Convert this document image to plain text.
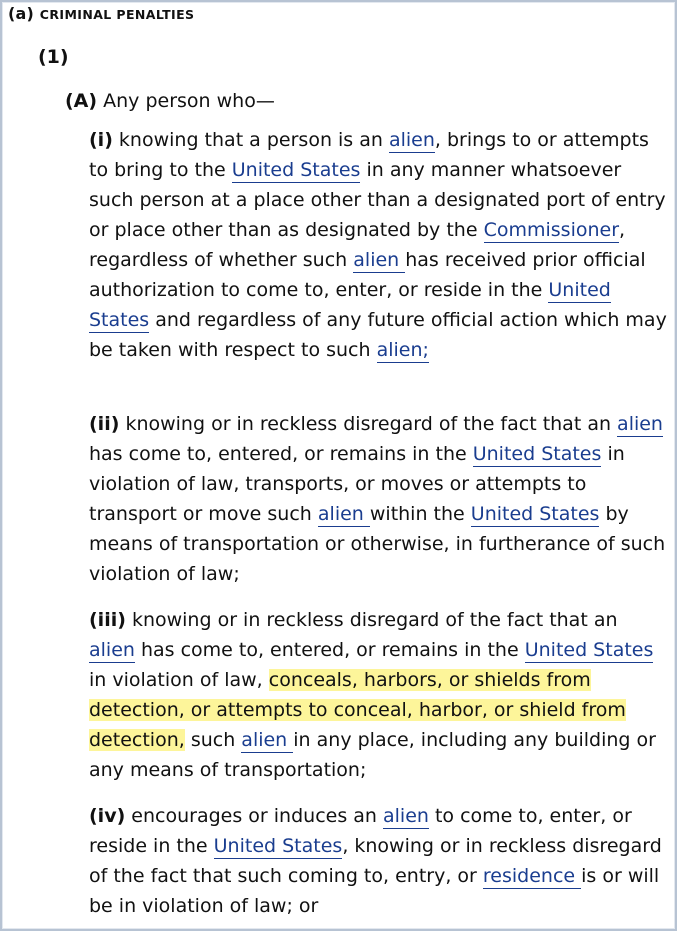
(a) CRIMINAL PENALTIES
(1)
(A) Any person who—

(i) knowing that a person is an alien, brings to or attempts to bring to the United States in any manner whatsoever such person at a place other than a designated port of entry or place other than as designated by the Commissioner, regardless of whether such alien has received prior official authorization to come to, enter, or reside in the United States and regardless of any future official action which may be taken with respect to such alien;

(ii) knowing or in reckless disregard of the fact that an alien has come to, entered, or remains in the United States in violation of law, transports, or moves or attempts to transport or move such alien within the United States by means of transportation or otherwise, in furtherance of such violation of law;

(iii) knowing or in reckless disregard of the fact that an alien has come to, entered, or remains in the United States in violation of law, conceals, harbors, or shields from detection, or attempts to conceal, harbor, or shield from detection, such alien in any place, including any building or any means of transportation;

(iv) encourages or induces an alien to come to, enter, or reside in the United States, knowing or in reckless disregard of the fact that such coming to, entry, or residence is or will be in violation of law; or
